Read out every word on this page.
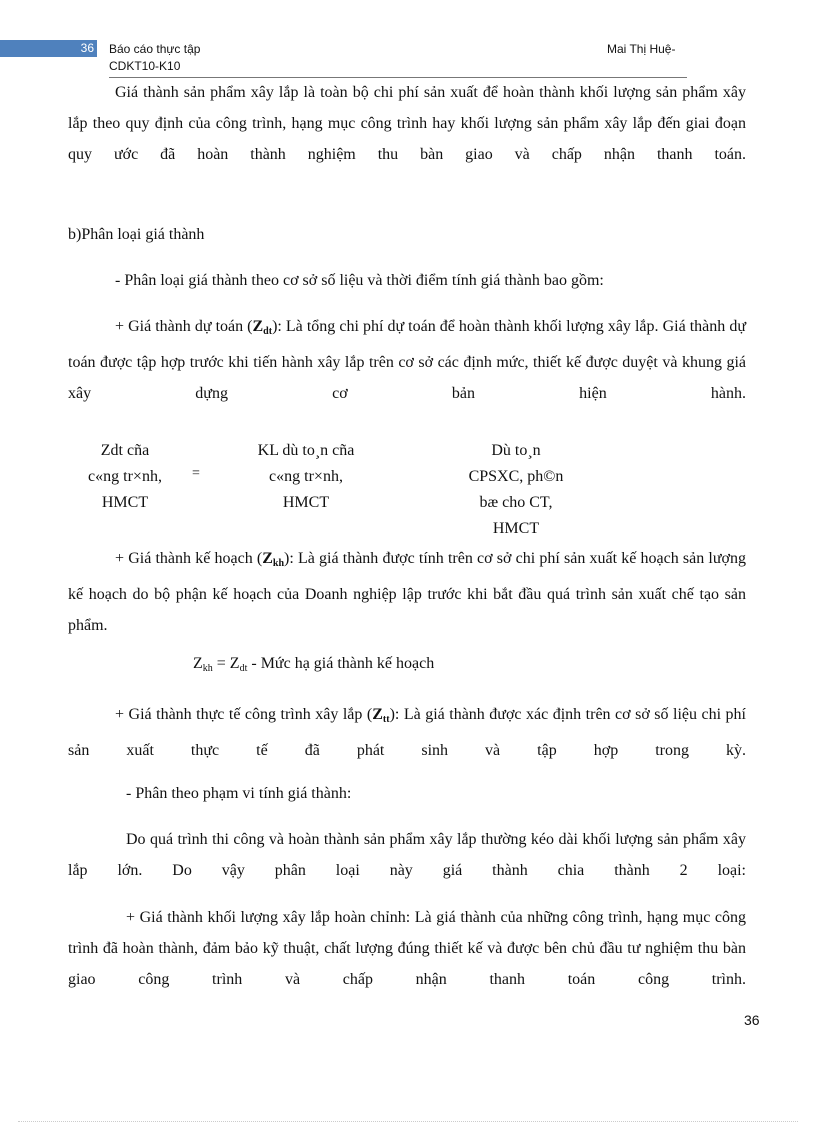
36 Báo cáo thực tập
CDKT10-K10
Mai Thị Huệ-

Giá thành sản phẩm xây lắp là toàn bộ chi phí sản xuất để hoàn thành khối lượng sản phẩm xây lắp theo quy định của công trình, hạng mục công trình hay khối lượng sản phẩm xây lắp đến giai đoạn quy ước đã hoàn thành nghiệm thu bàn giao và chấp nhận thanh toán.

b)Phân loại giá thành

- Phân loại giá thành theo cơ sở số liệu và thời điểm tính giá thành bao gồm:

+ Giá thành dự toán $(Z_{dt})$: Là tổng chi phí dự toán để hoàn thành khối lượng xây lắp. Giá thành dự toán được tập hợp trước khi tiến hành xây lắp trên cơ sở các định mức, thiết kế được duyệt và khung giá xây dựng cơ bản hiện hành.

Zdt cña
c«ng tr×nh,
HMCT
=
KL dù to¸n cña
c«ng tr×nh,
HMCT
Dù to¸n
CPSXC, ph©n
bæ cho CT,
HMCT

+ Giá thành kế hoạch $(Z_{kh})$: Là giá thành được tính trên cơ sở chi phí sản xuất kế hoạch sản lượng kế hoạch do bộ phận kế hoạch của Doanh nghiệp lập trước khi bắt đầu quá trình sản xuất chế tạo sản phẩm.

$Z_{kh} = Z_{dt}$ - Mức hạ giá thành kế hoạch

+ Giá thành thực tế công trình xây lắp $(Z_{tt})$: Là giá thành được xác định trên cơ sở số liệu chi phí sản xuất thực tế đã phát sinh và tập hợp trong kỳ.

- Phân theo phạm vi tính giá thành:

Do quá trình thi công và hoàn thành sản phẩm xây lắp thường kéo dài khối lượng sản phẩm xây lắp lớn. Do vậy phân loại này giá thành chia thành 2 loại:

+ Giá thành khối lượng xây lắp hoàn chỉnh: Là giá thành của những công trình, hạng mục công trình đã hoàn thành, đảm bảo kỹ thuật, chất lượng đúng thiết kế và được bên chủ đầu tư nghiệm thu bàn giao công trình và chấp nhận thanh toán công trình.

36
